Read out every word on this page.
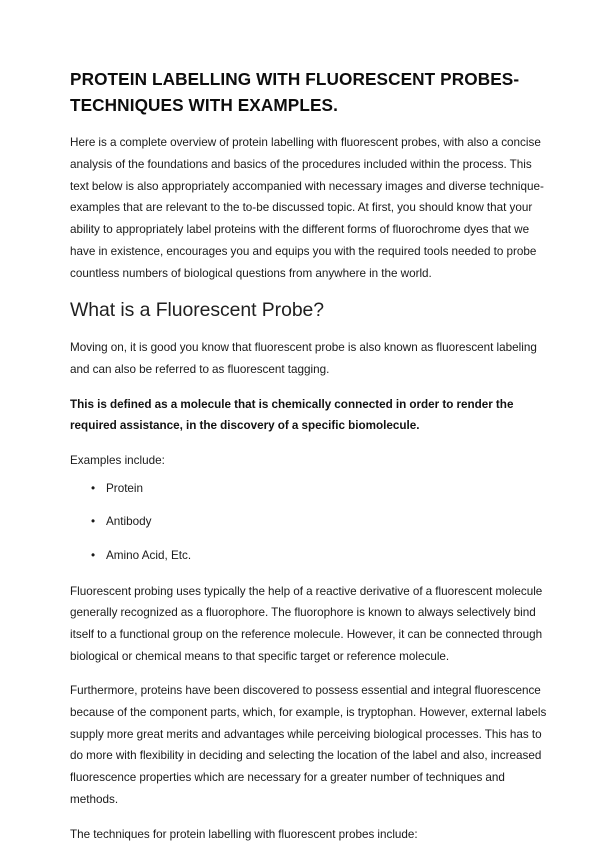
PROTEIN LABELLING WITH FLUORESCENT PROBES-TECHNIQUES WITH EXAMPLES.

Here is a complete overview of protein labelling with fluorescent probes, with also a concise analysis of the foundations and basics of the procedures included within the process. This text below is also appropriately accompanied with necessary images and diverse technique-examples that are relevant to the to-be discussed topic. At first, you should know that your ability to appropriately label proteins with the different forms of fluorochrome dyes that we have in existence, encourages you and equips you with the required tools needed to probe countless numbers of biological questions from anywhere in the world.

What is a Fluorescent Probe?

Moving on, it is good you know that fluorescent probe is also known as fluorescent labeling and can also be referred to as fluorescent tagging.

This is defined as a molecule that is chemically connected in order to render the required assistance, in the discovery of a specific biomolecule.

Examples include:

• Protein
• Antibody
• Amino Acid, Etc.

Fluorescent probing uses typically the help of a reactive derivative of a fluorescent molecule generally recognized as a fluorophore. The fluorophore is known to always selectively bind itself to a functional group on the reference molecule. However, it can be connected through biological or chemical means to that specific target or reference molecule.

Furthermore, proteins have been discovered to possess essential and integral fluorescence because of the component parts, which, for example, is tryptophan. However, external labels supply more great merits and advantages while perceiving biological processes. This has to do more with flexibility in deciding and selecting the location of the label and also, increased fluorescence properties which are necessary for a greater number of techniques and methods.

The techniques for protein labelling with fluorescent probes include:
